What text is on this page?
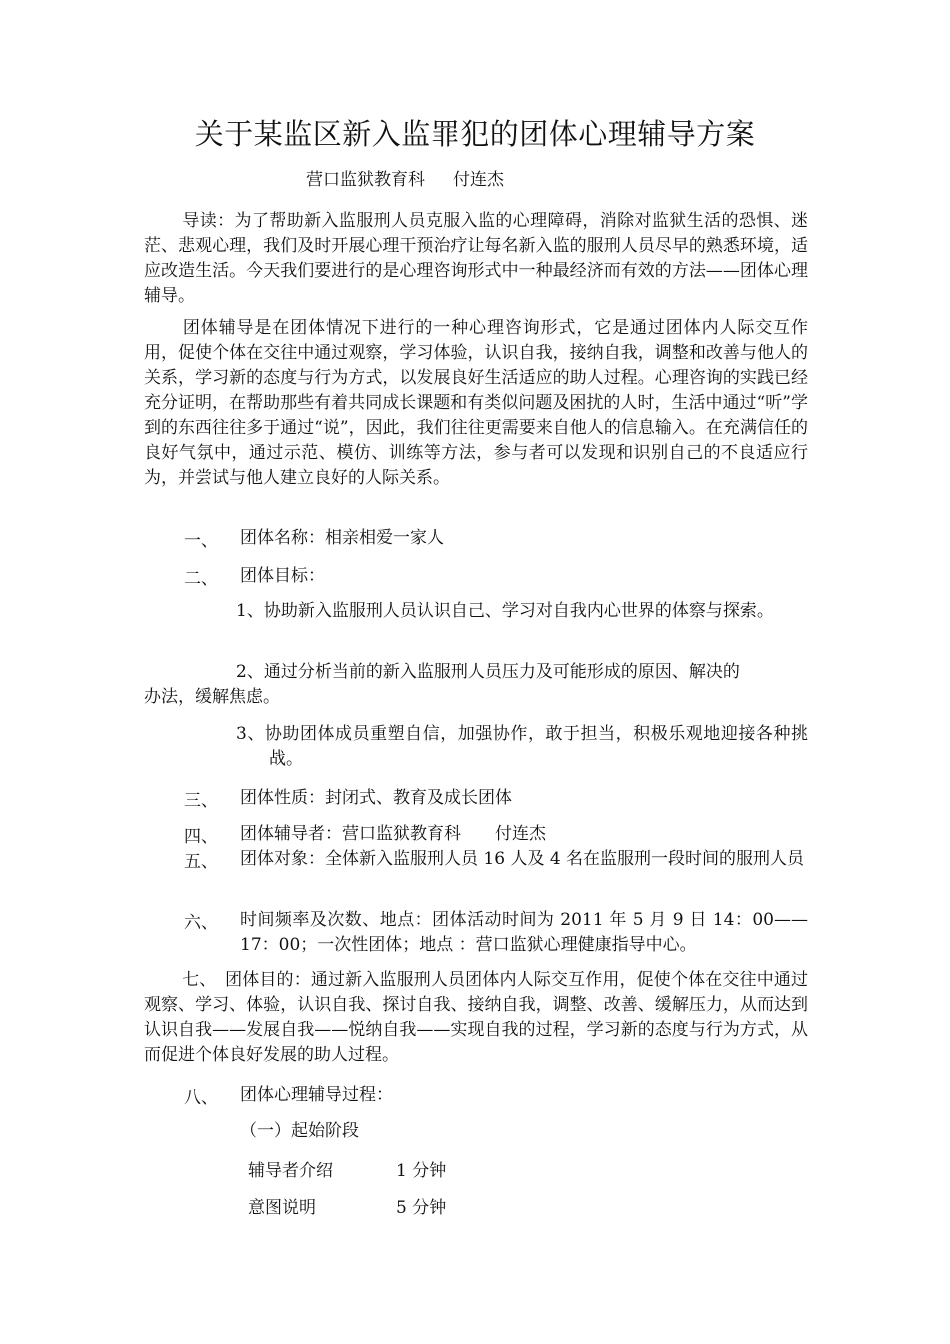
关于某监区新入监罪犯的团体心理辅导方案
营口监狱教育科 付连杰
导读：为了帮助新入监服刑人员克服入监的心理障碍，消除对监狱生活的恐惧、迷茫、悲观心理，我们及时开展心理干预治疗让每名新入监的服刑人员尽早的熟悉环境，适应改造生活。今天我们要进行的是心理咨询形式中一种最经济而有效的方法——团体心理辅导。
团体辅导是在团体情况下进行的一种心理咨询形式，它是通过团体内人际交互作用，促使个体在交往中通过观察，学习体验，认识自我，接纳自我，调整和改善与他人的关系，学习新的态度与行为方式，以发展良好生活适应的助人过程。心理咨询的实践已经充分证明，在帮助那些有着共同成长课题和有类似问题及困扰的人时，生活中通过“听”学到的东西往往多于通过“说”，因此，我们往往更需要来自他人的信息输入。在充满信任的良好气氛中，通过示范、模仿、训练等方法，参与者可以发现和识别自己的不良适应行为，并尝试与他人建立良好的人际关系。
一、 团体名称：相亲相爱一家人
二、 团体目标：
1、协助新入监服刑人员认识自己、学习对自我内心世界的体察与探索。
2、通过分析当前的新入监服刑人员压力及可能形成的原因、解决的
办法，缓解焦虑。
3、协助团体成员重塑自信，加强协作，敢于担当，积极乐观地迎接各种挑战。
三、 团体性质：封闭式、教育及成长团体
四、 团体辅导者：营口监狱教育科　　付连杰
五、 团体对象：全体新入监服刑人员 16 人及 4 名在监服刑一段时间的服刑人员
六、 时间频率及次数、地点：团体活动时间为 2011 年 5 月 9 日 14：00——17：00；一次性团体；地点 ：营口监狱心理健康指导中心。
七、　团体目的：通过新入监服刑人员团体内人际交互作用，促使个体在交往中通过观察、学习、体验，认识自我、探讨自我、接纳自我，调整、改善、缓解压力，从而达到认识自我——发展自我——悦纳自我——实现自我的过程，学习新的态度与行为方式，从而促进个体良好发展的助人过程。
八、 团体心理辅导过程：
（一）起始阶段
辅导者介绍	1 分钟
意图说明	5 分钟
